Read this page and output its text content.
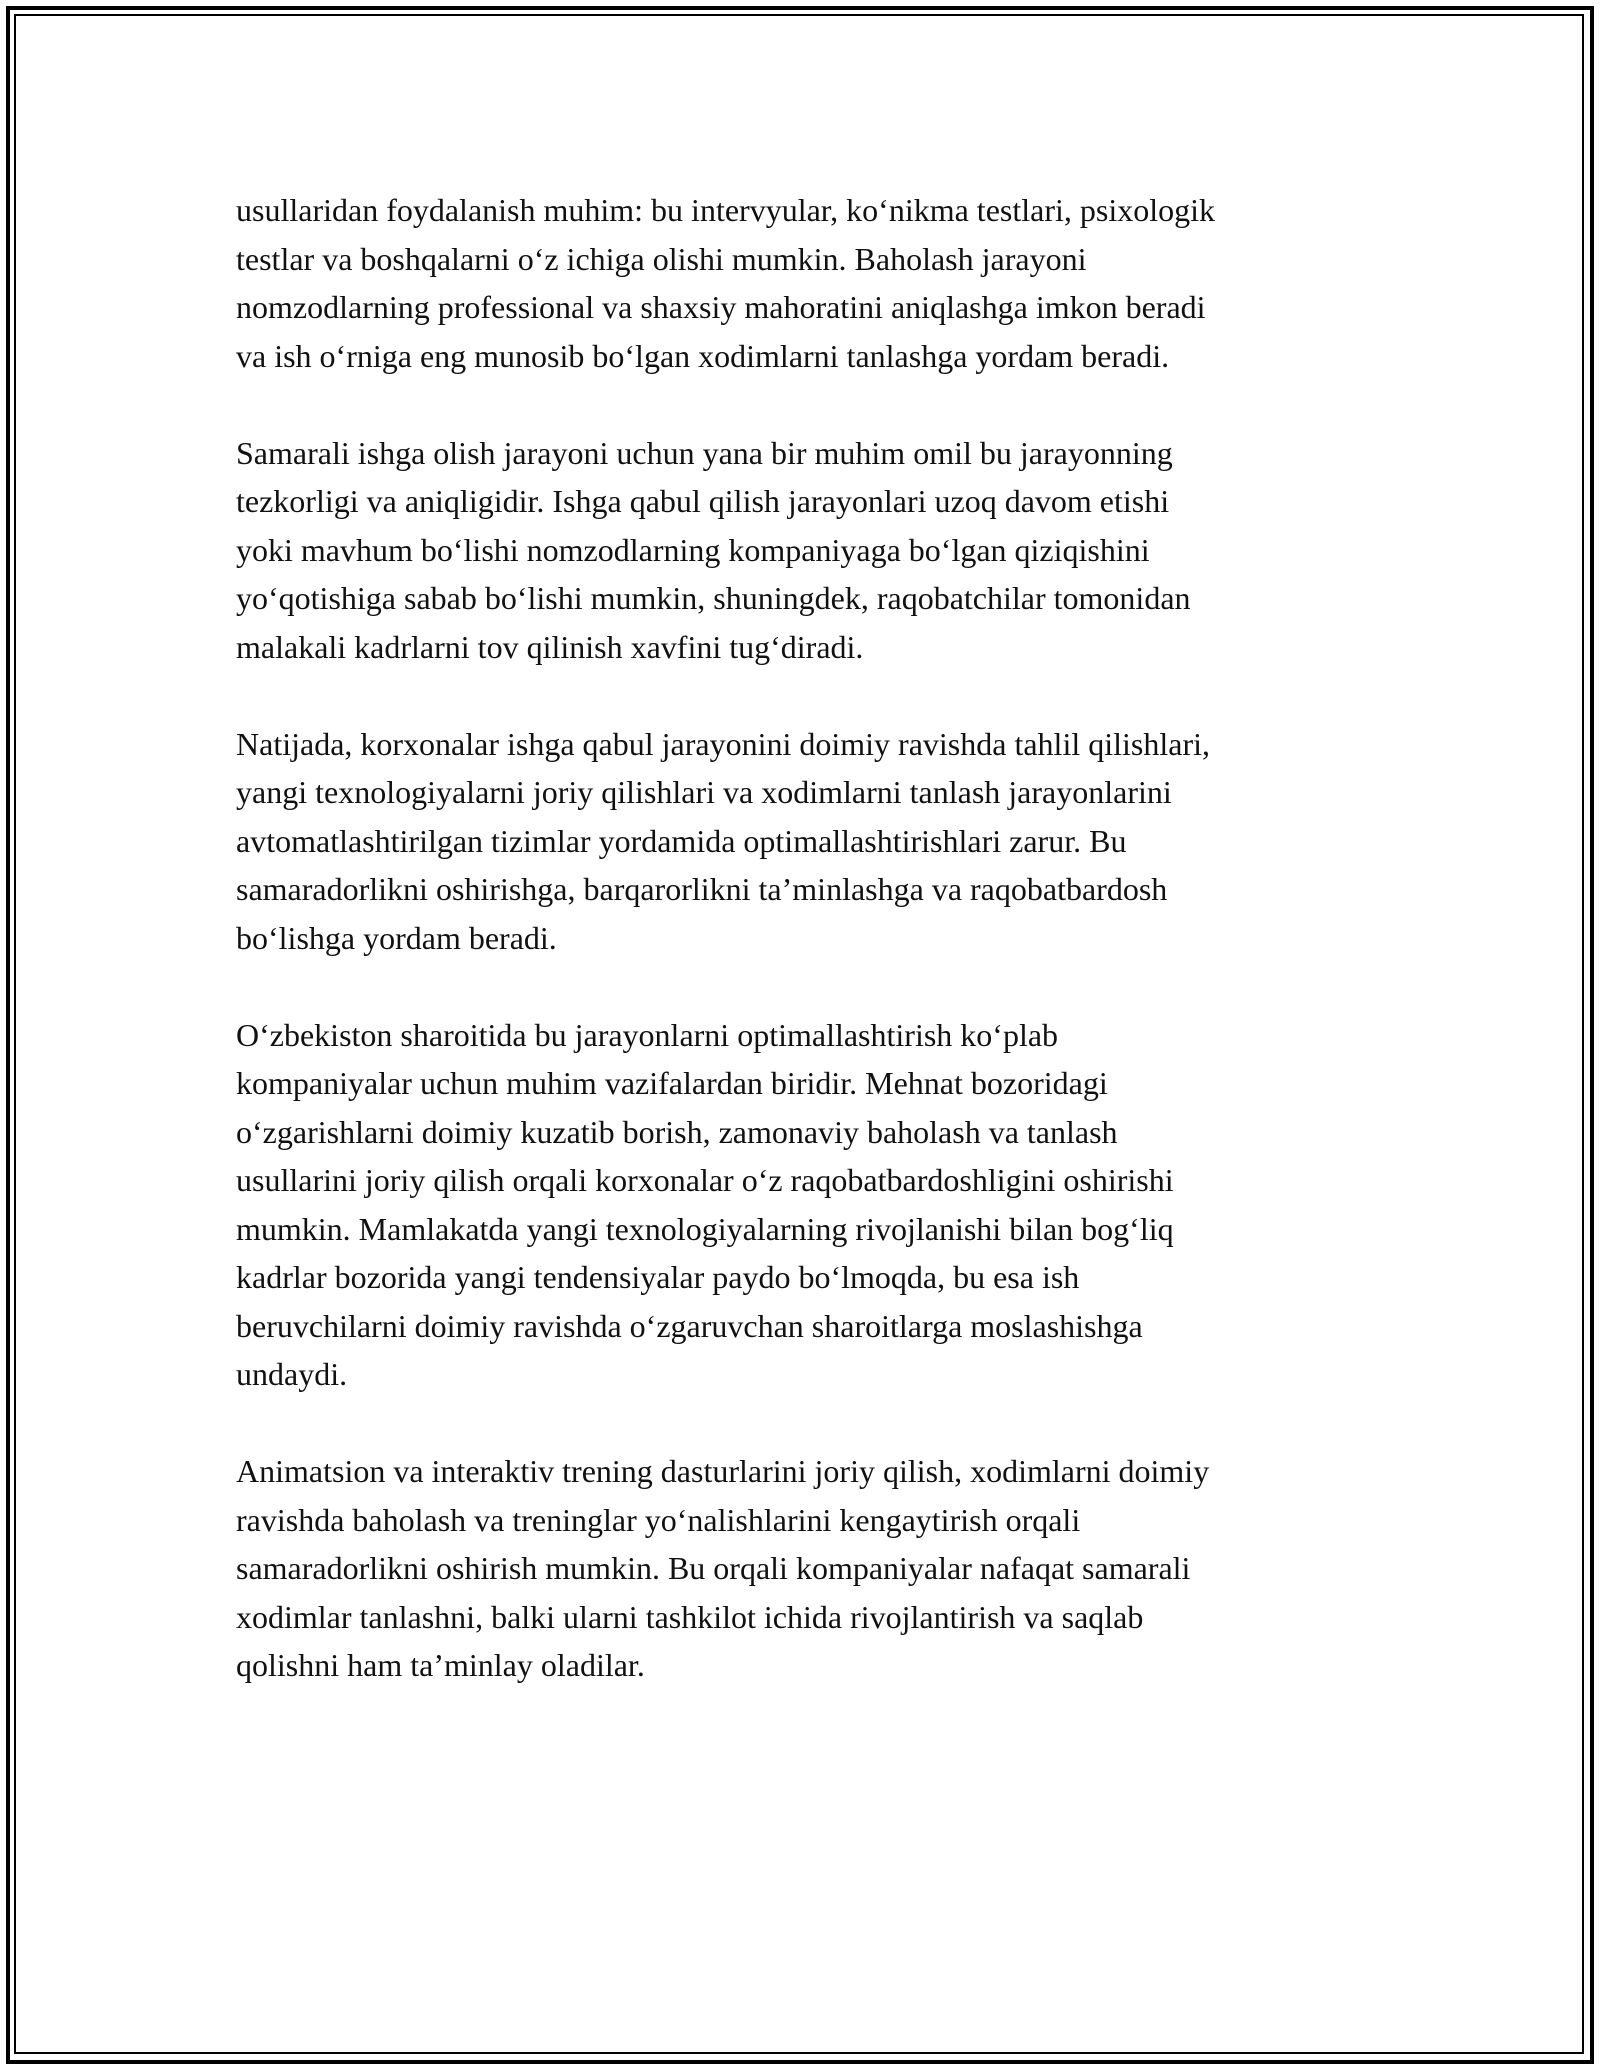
usullaridan foydalanish muhim: bu intervyular, ko‘nikma testlari, psixologik
testlar va boshqalarni o‘z ichiga olishi mumkin. Baholash jarayoni
nomzodlarning professional va shaxsiy mahoratini aniqlashga imkon beradi
va ish o‘rniga eng munosib bo‘lgan xodimlarni tanlashga yordam beradi.

Samarali ishga olish jarayoni uchun yana bir muhim omil bu jarayonning
tezkorligi va aniqligidir. Ishga qabul qilish jarayonlari uzoq davom etishi
yoki mavhum bo‘lishi nomzodlarning kompaniyaga bo‘lgan qiziqishini
yo‘qotishiga sabab bo‘lishi mumkin, shuningdek, raqobatchilar tomonidan
malakali kadrlarni tov qilinish xavfini tug‘diradi.

Natijada, korxonalar ishga qabul jarayonini doimiy ravishda tahlil qilishlari,
yangi texnologiyalarni joriy qilishlari va xodimlarni tanlash jarayonlarini
avtomatlashtirilgan tizimlar yordamida optimallashtirishlari zarur. Bu
samaradorlikni oshirishga, barqarorlikni ta’minlashga va raqobatbardosh
bo‘lishga yordam beradi.

O‘zbekiston sharoitida bu jarayonlarni optimallashtirish ko‘plab
kompaniyalar uchun muhim vazifalardan biridir. Mehnat bozoridagi
o‘zgarishlarni doimiy kuzatib borish, zamonaviy baholash va tanlash
usullarini joriy qilish orqali korxonalar o‘z raqobatbardoshligini oshirishi
mumkin. Mamlakatda yangi texnologiyalarning rivojlanishi bilan bog‘liq
kadrlar bozorida yangi tendensiyalar paydo bo‘lmoqda, bu esa ish
beruvchilarni doimiy ravishda o‘zgaruvchan sharoitlarga moslashishga
undaydi.

Animatsion va interaktiv trening dasturlarini joriy qilish, xodimlarni doimiy
ravishda baholash va treninglar yo‘nalishlarini kengaytirish orqali
samaradorlikni oshirish mumkin. Bu orqali kompaniyalar nafaqat samarali
xodimlar tanlashni, balki ularni tashkilot ichida rivojlantirish va saqlab
qolishni ham ta’minlay oladilar.
